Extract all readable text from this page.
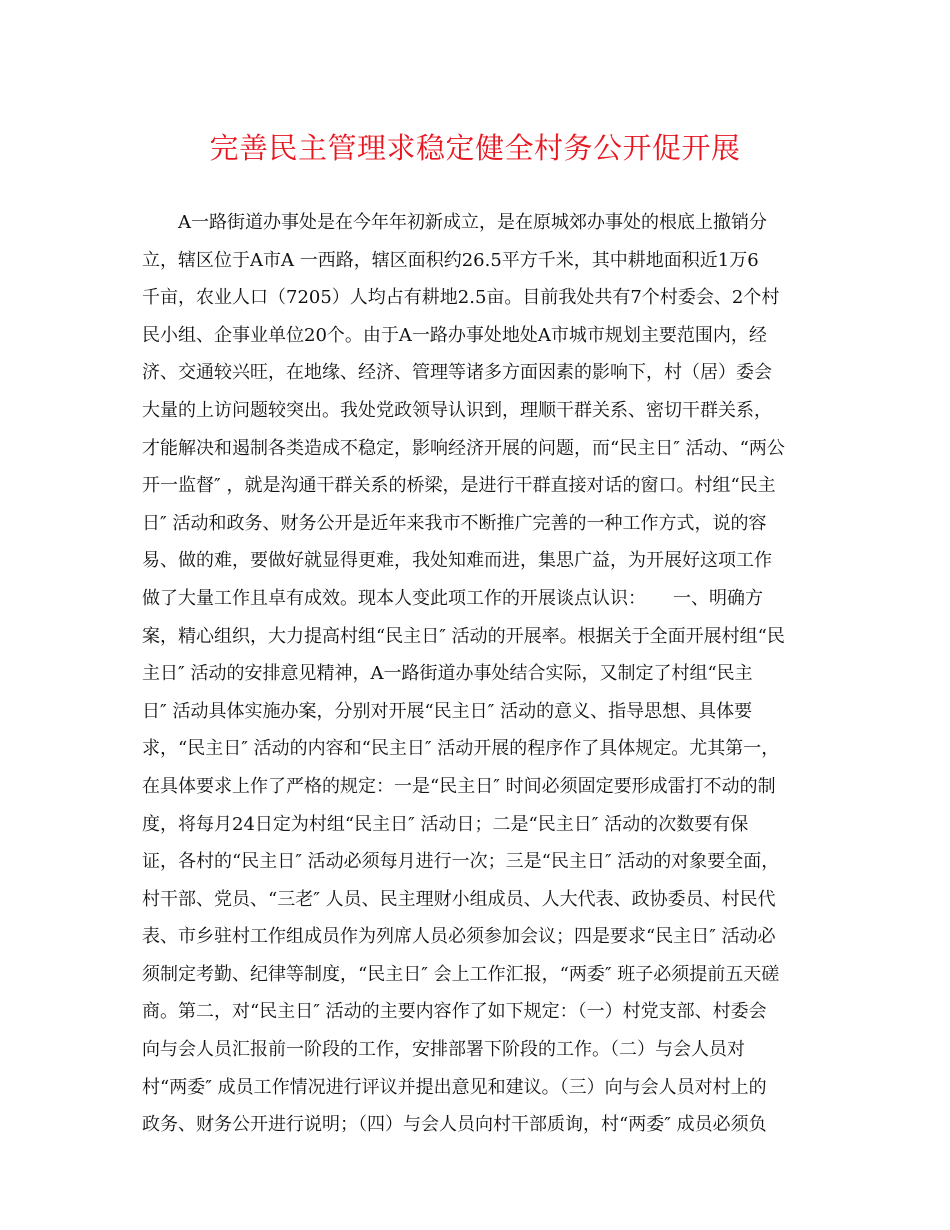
完善民主管理求稳定健全村务公开促开展
A一路街道办事处是在今年年初新成立，是在原城郊办事处的根底上撤销分
立，辖区位于A市A 一西路，辖区面积约26.5平方千米，其中耕地面积近1万6
千亩，农业人口（7205）人均占有耕地2.5亩。目前我处共有7个村委会、2个村
民小组、企事业单位20个。由于A一路办事处地处A市城市规划主要范围内，经
济、交通较兴旺，在地缘、经济、管理等诸多方面因素的影响下，村（居）委会
大量的上访问题较突出。我处党政领导认识到，理顺干群关系、密切干群关系，
才能解决和遏制各类造成不稳定，影响经济开展的问题，而“民主日″ 活动、“两公
开一监督″ ，就是沟通干群关系的桥梁，是进行干群直接对话的窗口。村组“民主
日″ 活动和政务、财务公开是近年来我市不断推广完善的一种工作方式，说的容
易、做的难，要做好就显得更难，我处知难而进，集思广益，为开展好这项工作
做了大量工作且卓有成效。现本人变此项工作的开展谈点认识：　　一、明确方
案，精心组织，大力提高村组“民主日″ 活动的开展率。根据关于全面开展村组“民
主日″ 活动的安排意见精神，A一路街道办事处结合实际，又制定了村组“民主
日″ 活动具体实施办案，分别对开展“民主日″ 活动的意义、指导思想、具体要
求，“民主日″ 活动的内容和“民主日″ 活动开展的程序作了具体规定。尤其第一，
在具体要求上作了严格的规定：一是“民主日″ 时间必须固定要形成雷打不动的制
度，将每月24日定为村组“民主日″ 活动日；二是“民主日″ 活动的次数要有保
证，各村的“民主日″ 活动必须每月进行一次；三是“民主日″ 活动的对象要全面，
村干部、党员、“三老″ 人员、民主理财小组成员、人大代表、政协委员、村民代
表、市乡驻村工作组成员作为列席人员必须参加会议；四是要求“民主日″ 活动必
须制定考勤、纪律等制度，“民主日″ 会上工作汇报，“两委″ 班子必须提前五天磋
商。第二，对“民主日″ 活动的主要内容作了如下规定：（一）村党支部、村委会
向与会人员汇报前一阶段的工作，安排部署下阶段的工作。（二）与会人员对
村“两委″ 成员工作情况进行评议并提出意见和建议。（三）向与会人员对村上的
政务、财务公开进行说明；（四）与会人员向村干部质询，村“两委″ 成员必须负
